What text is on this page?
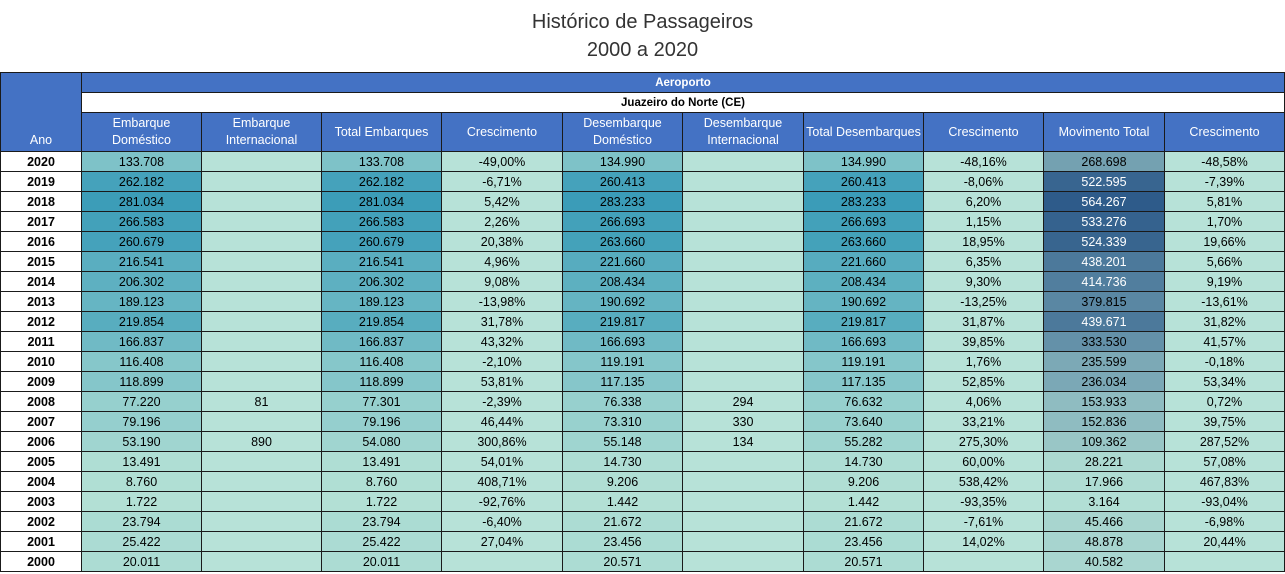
Histórico de Passageiros
2000 a 2020
Ano	Aeroporto									
	Juazeiro do Norte (CE)									
	Embarque Doméstico	Embarque Internacional	Total Embarques	Crescimento	Desembarque Doméstico	Desembarque Internacional	Total Desembarques	Crescimento	Movimento Total	Crescimento
2020	133.708		133.708	-49,00%	134.990		134.990	-48,16%	268.698	-48,58%
2019	262.182		262.182	-6,71%	260.413		260.413	-8,06%	522.595	-7,39%
2018	281.034		281.034	5,42%	283.233		283.233	6,20%	564.267	5,81%
2017	266.583		266.583	2,26%	266.693		266.693	1,15%	533.276	1,70%
2016	260.679		260.679	20,38%	263.660		263.660	18,95%	524.339	19,66%
2015	216.541		216.541	4,96%	221.660		221.660	6,35%	438.201	5,66%
2014	206.302		206.302	9,08%	208.434		208.434	9,30%	414.736	9,19%
2013	189.123		189.123	-13,98%	190.692		190.692	-13,25%	379.815	-13,61%
2012	219.854		219.854	31,78%	219.817		219.817	31,87%	439.671	31,82%
2011	166.837		166.837	43,32%	166.693		166.693	39,85%	333.530	41,57%
2010	116.408		116.408	-2,10%	119.191		119.191	1,76%	235.599	-0,18%
2009	118.899		118.899	53,81%	117.135		117.135	52,85%	236.034	53,34%
2008	77.220	81	77.301	-2,39%	76.338	294	76.632	4,06%	153.933	0,72%
2007	79.196		79.196	46,44%	73.310	330	73.640	33,21%	152.836	39,75%
2006	53.190	890	54.080	300,86%	55.148	134	55.282	275,30%	109.362	287,52%
2005	13.491		13.491	54,01%	14.730		14.730	60,00%	28.221	57,08%
2004	8.760		8.760	408,71%	9.206		9.206	538,42%	17.966	467,83%
2003	1.722		1.722	-92,76%	1.442		1.442	-93,35%	3.164	-93,04%
2002	23.794		23.794	-6,40%	21.672		21.672	-7,61%	45.466	-6,98%
2001	25.422		25.422	27,04%	23.456		23.456	14,02%	48.878	20,44%
2000	20.011		20.011		20.571		20.571		40.582	
